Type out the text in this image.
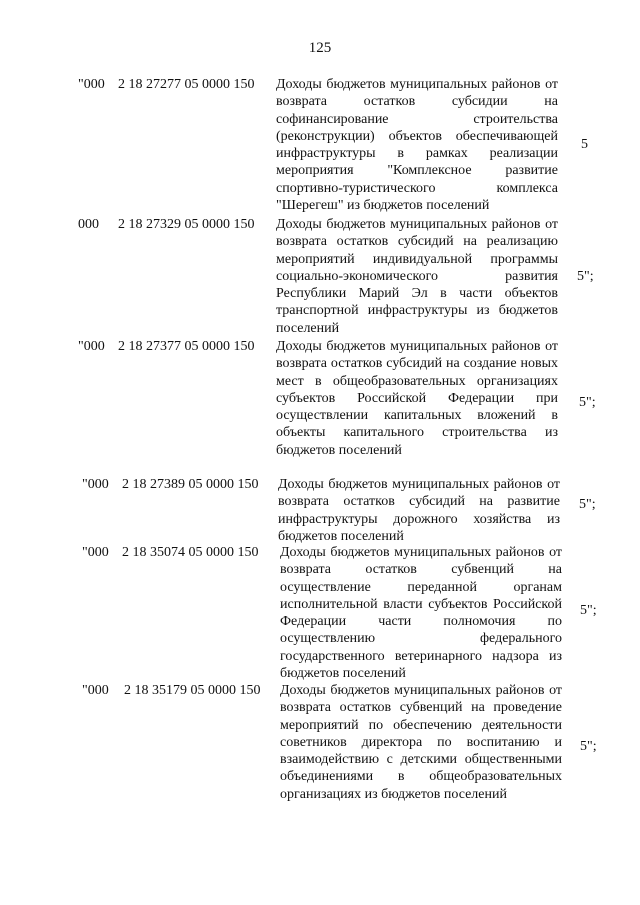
125
"000 2 18 27277 05 0000 150 Доходы бюджетов муниципальных районов от возврата остатков субсидии на софинансирование строительства (реконструкции) объектов обеспечивающей инфраструктуры в рамках реализации мероприятия "Комплексное развитие спортивно-туристического комплекса "Шерегеш" из бюджетов поселений
5
000 2 18 27329 05 0000 150 Доходы бюджетов муниципальных районов от возврата остатков субсидий на реализацию мероприятий индивидуальной программы социально-экономического развития Республики Марий Эл в части объектов транспортной инфраструктуры из бюджетов поселений
5";
"000 2 18 27377 05 0000 150 Доходы бюджетов муниципальных районов от возврата остатков субсидий на создание новых мест в общеобразовательных организациях субъектов Российской Федерации при осуществлении капитальных вложений в объекты капитального строительства из бюджетов поселений
5";
"000 2 18 27389 05 0000 150 Доходы бюджетов муниципальных районов от возврата остатков субсидий на развитие инфраструктуры дорожного хозяйства из бюджетов поселений
5";
"000 2 18 35074 05 0000 150 Доходы бюджетов муниципальных районов от возврата остатков субвенций на осуществление переданной органам исполнительной власти субъектов Российской Федерации части полномочия по осуществлению федерального государственного ветеринарного надзора из бюджетов поселений
5";
"000 2 18 35179 05 0000 150 Доходы бюджетов муниципальных районов от возврата остатков субвенций на проведение мероприятий по обеспечению деятельности советников директора по воспитанию и взаимодействию с детскими общественными объединениями в общеобразовательных организациях из бюджетов поселений
5";
